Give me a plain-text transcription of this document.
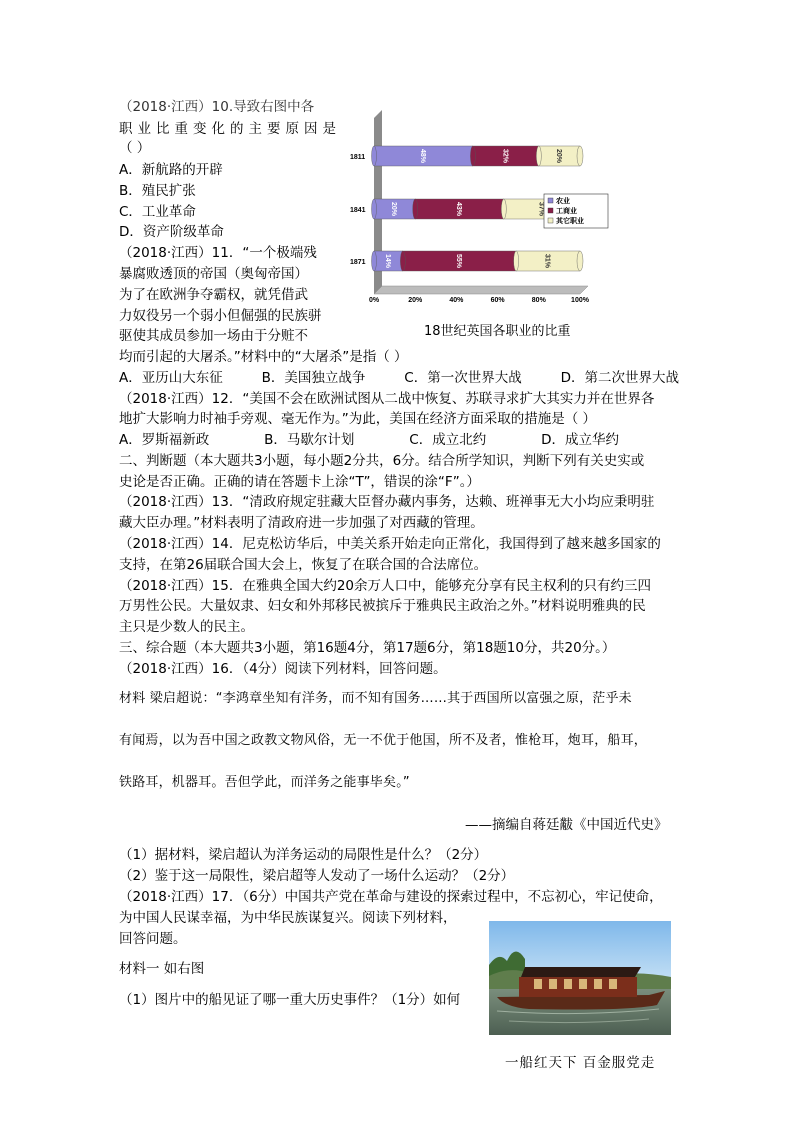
（2018·江西）10.导致右图中各
职业比重变化的主要原因是
（ ）
A．新航路的开辟
B．殖民扩张
C．工业革命
D．资产阶级革命
（2018·江西）11．“一个极端残
暴腐败透顶的帝国（奥匈帝国）
为了在欧洲争夺霸权，就凭借武
力奴役另一个弱小但倔强的民族骈
驱使其成员参加一场由于分赃不
均而引起的大屠杀。”材料中的“大屠杀”是指（ ）
A．亚历山大东征	B．美国独立战争	C．第一次世界大战	D．第二次世界大战
1811	48%	32%	20%
1841	20%	43%	37%
1871	14%	55%	31%
0%	20%	40%	60%	80%	100%
农业
工商业
其它职业
18世纪英国各职业的比重
（2018·江西）12．“美国不会在欧洲试图从二战中恢复、苏联寻求扩大其实力并在世界各
地扩大影响力时袖手旁观、毫无作为。”为此，美国在经济方面采取的措施是（ ）
A．罗斯福新政	B．马歇尔计划	C．成立北约	D．成立华约
二、判断题（本大题共3小题，每小题2分共，6分。结合所学知识，判断下列有关史实或
史论是否正确。正确的请在答题卡上涂“T”，错误的涂“F”。）
（2018·江西）13．“清政府规定驻藏大臣督办藏内事务，达赖、班禅事无大小均应秉明驻
藏大臣办理。”材料表明了清政府进一步加强了对西藏的管理。
（2018·江西）14．尼克松访华后，中美关系开始走向正常化，我国得到了越来越多国家的
支持，在第26届联合国大会上，恢复了在联合国的合法席位。
（2018·江西）15．在雅典全国大约20余万人口中，能够充分享有民主权利的只有约三四
万男性公民。大量奴隶、妇女和外邦移民被摈斥于雅典民主政治之外。”材料说明雅典的民
主只是少数人的民主。
三、综合题（本大题共3小题，第16题4分，第17题6分，第18题10分，共20分。）
（2018·江西）16．（4分）阅读下列材料，回答问题。
材料 梁启超说：“李鸿章坐知有洋务，而不知有国务……其于西国所以富强之原，茫乎未
有闻焉，以为吾中国之政教文物风俗，无一不优于他国，所不及者，惟枪耳，炮耳，船耳，
铁路耳，机器耳。吾但学此，而洋务之能事毕矣。”
——摘编自蒋廷黻《中国近代史》
（1）据材料，梁启超认为洋务运动的局限性是什么？（2分）
（2）鉴于这一局限性，梁启超等人发动了一场什么运动？（2分）
（2018·江西）17．（6分）中国共产党在革命与建设的探索过程中，不忘初心，牢记使命，
为中国人民谋幸福，为中华民族谋复兴。阅读下列材料，
回答问题。
材料一 如右图
（1）图片中的船见证了哪一重大历史事件？（1分）如何
一船红天下 百金服党走
